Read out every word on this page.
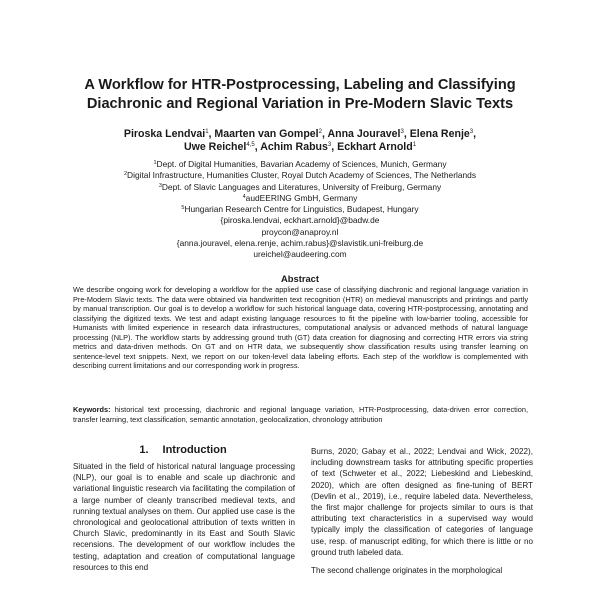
A Workflow for HTR-Postprocessing, Labeling and Classifying
Diachronic and Regional Variation in Pre-Modern Slavic Texts
Piroska Lendvai$^1$, Maarten van Gompel$^2$, Anna Jouravel$^3$, Elena Renje$^3$,
Uwe Reichel$^{4,5}$, Achim Rabus$^3$, Eckhart Arnold$^1$
$^1$Dept. of Digital Humanities, Bavarian Academy of Sciences, Munich, Germany
$^2$Digital Infrastructure, Humanities Cluster, Royal Dutch Academy of Sciences, The Netherlands
$^3$Dept. of Slavic Languages and Literatures, University of Freiburg, Germany
$^4$audEERING GmbH, Germany
$^5$Hungarian Research Centre for Linguistics, Budapest, Hungary
{piroska.lendvai, eckhart.arnold}@badw.de
proycon@anaproy.nl
{anna.jouravel, elena.renje, achim.rabus}@slavistik.uni-freiburg.de
ureichel@audeering.com
Abstract
We describe ongoing work for developing a workflow for the applied use case of classifying diachronic and regional language variation in Pre-Modern Slavic texts. The data were obtained via handwritten text recognition (HTR) on medieval manuscripts and printings and partly by manual transcription. Our goal is to develop a workflow for such historical language data, covering HTR-postprocessing, annotating and classifying the digitized texts. We test and adapt existing language resources to fit the pipeline with low-barrier tooling, accessible for Humanists with limited experience in research data infrastructures, computational analysis or advanced methods of natural language processing (NLP). The workflow starts by addressing ground truth (GT) data creation for diagnosing and correcting HTR errors via string metrics and data-driven methods. On GT and on HTR data, we subsequently show classification results using transfer learning on sentence-level text snippets. Next, we report on our token-level data labeling efforts. Each step of the workflow is complemented with describing current limitations and our corresponding work in progress.
Keywords: historical text processing, diachronic and regional language variation, HTR-Postprocessing, data-driven error correction, transfer learning, text classification, semantic annotation, geolocalization, chronology attribution
1. Introduction

Situated in the field of historical natural language processing (NLP), our goal is to enable and scale up diachronic and variational linguistic research via facilitating the compilation of a large number of cleanly transcribed medieval texts, and running textual analyses on them. Our applied use case is the chronological and geolocational attribution of texts written in Church Slavic, predominantly in its East and South Slavic recensions. The development of our workflow includes the testing, adaptation and creation of computational language resources to this end

Burns, 2020; Gabay et al., 2022; Lendvai and Wick, 2022), including downstream tasks for attributing specific properties of text (Schweter et al., 2022; Liebeskind and Liebeskind, 2020), which are often designed as fine-tuning of BERT (Devlin et al., 2019), i.e., require labeled data. Nevertheless, the first major challenge for projects similar to ours is that attributing text characteristics in a supervised way would typically imply the classification of categories of language use, resp. of manuscript editing, for which there is little or no ground truth labeled data.

The second challenge originates in the morphological
